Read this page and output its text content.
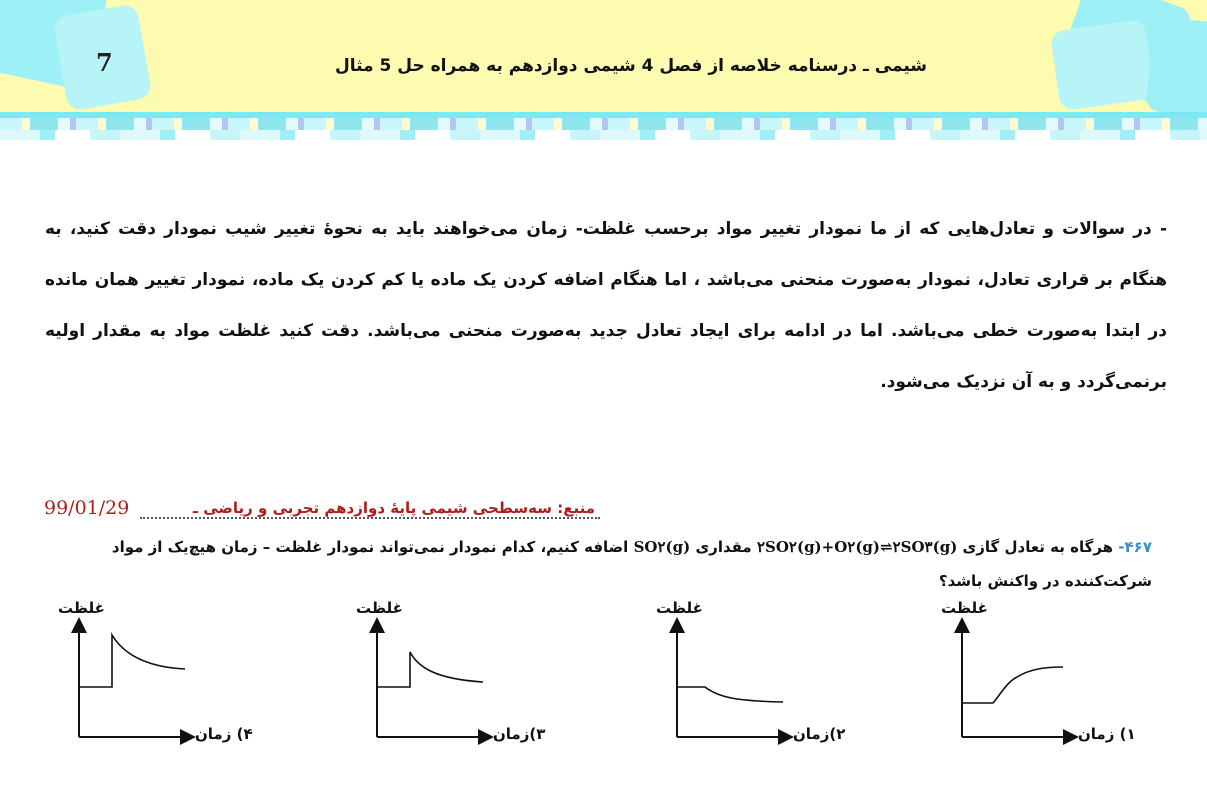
7	شیمی ـ درسنامه خلاصه از فصل 4 شیمی دوازدهم به همراه حل 5 مثال
- در سوالات و تعادل‌هایی که از ما نمودار تغییر مواد برحسب غلظت- زمان می‌خواهند باید به نحوهٔ تغییر شیب نمودار دقت کنید، به هنگام بر قراری تعادل، نمودار به‌صورت منحنی می‌باشد ، اما هنگام اضافه کردن یک ماده یا کم کردن یک ماده، نمودار تغییر همان مانده در ابتدا به‌صورت خطی می‌باشد. اما در ادامه برای ایجاد تعادل جدید به‌صورت منحنی می‌باشد. دقت کنید غلظت مواد به مقدار اولیه برنمی‌گردد و به آن نزدیک می‌شود.
منبع: سه‌سطحی شیمی پایهٔ دوازدهم تجربی و ریاضی ـ
99/01/29
۴۶۷- هرگاه به تعادل گازی ۲SO۲(g)+O۲(g)⇌۲SO۳(g) مقداری SO۲(g) اضافه کنیم، کدام نمودار نمی‌تواند نمودار غلظت – زمان هیچ‌یک از مواد شرکت‌کننده در واکنش باشد؟
غلظت
۱) زمان
غلظت
۲)زمان
غلظت
۳)زمان
غلظت
۴) زمان
